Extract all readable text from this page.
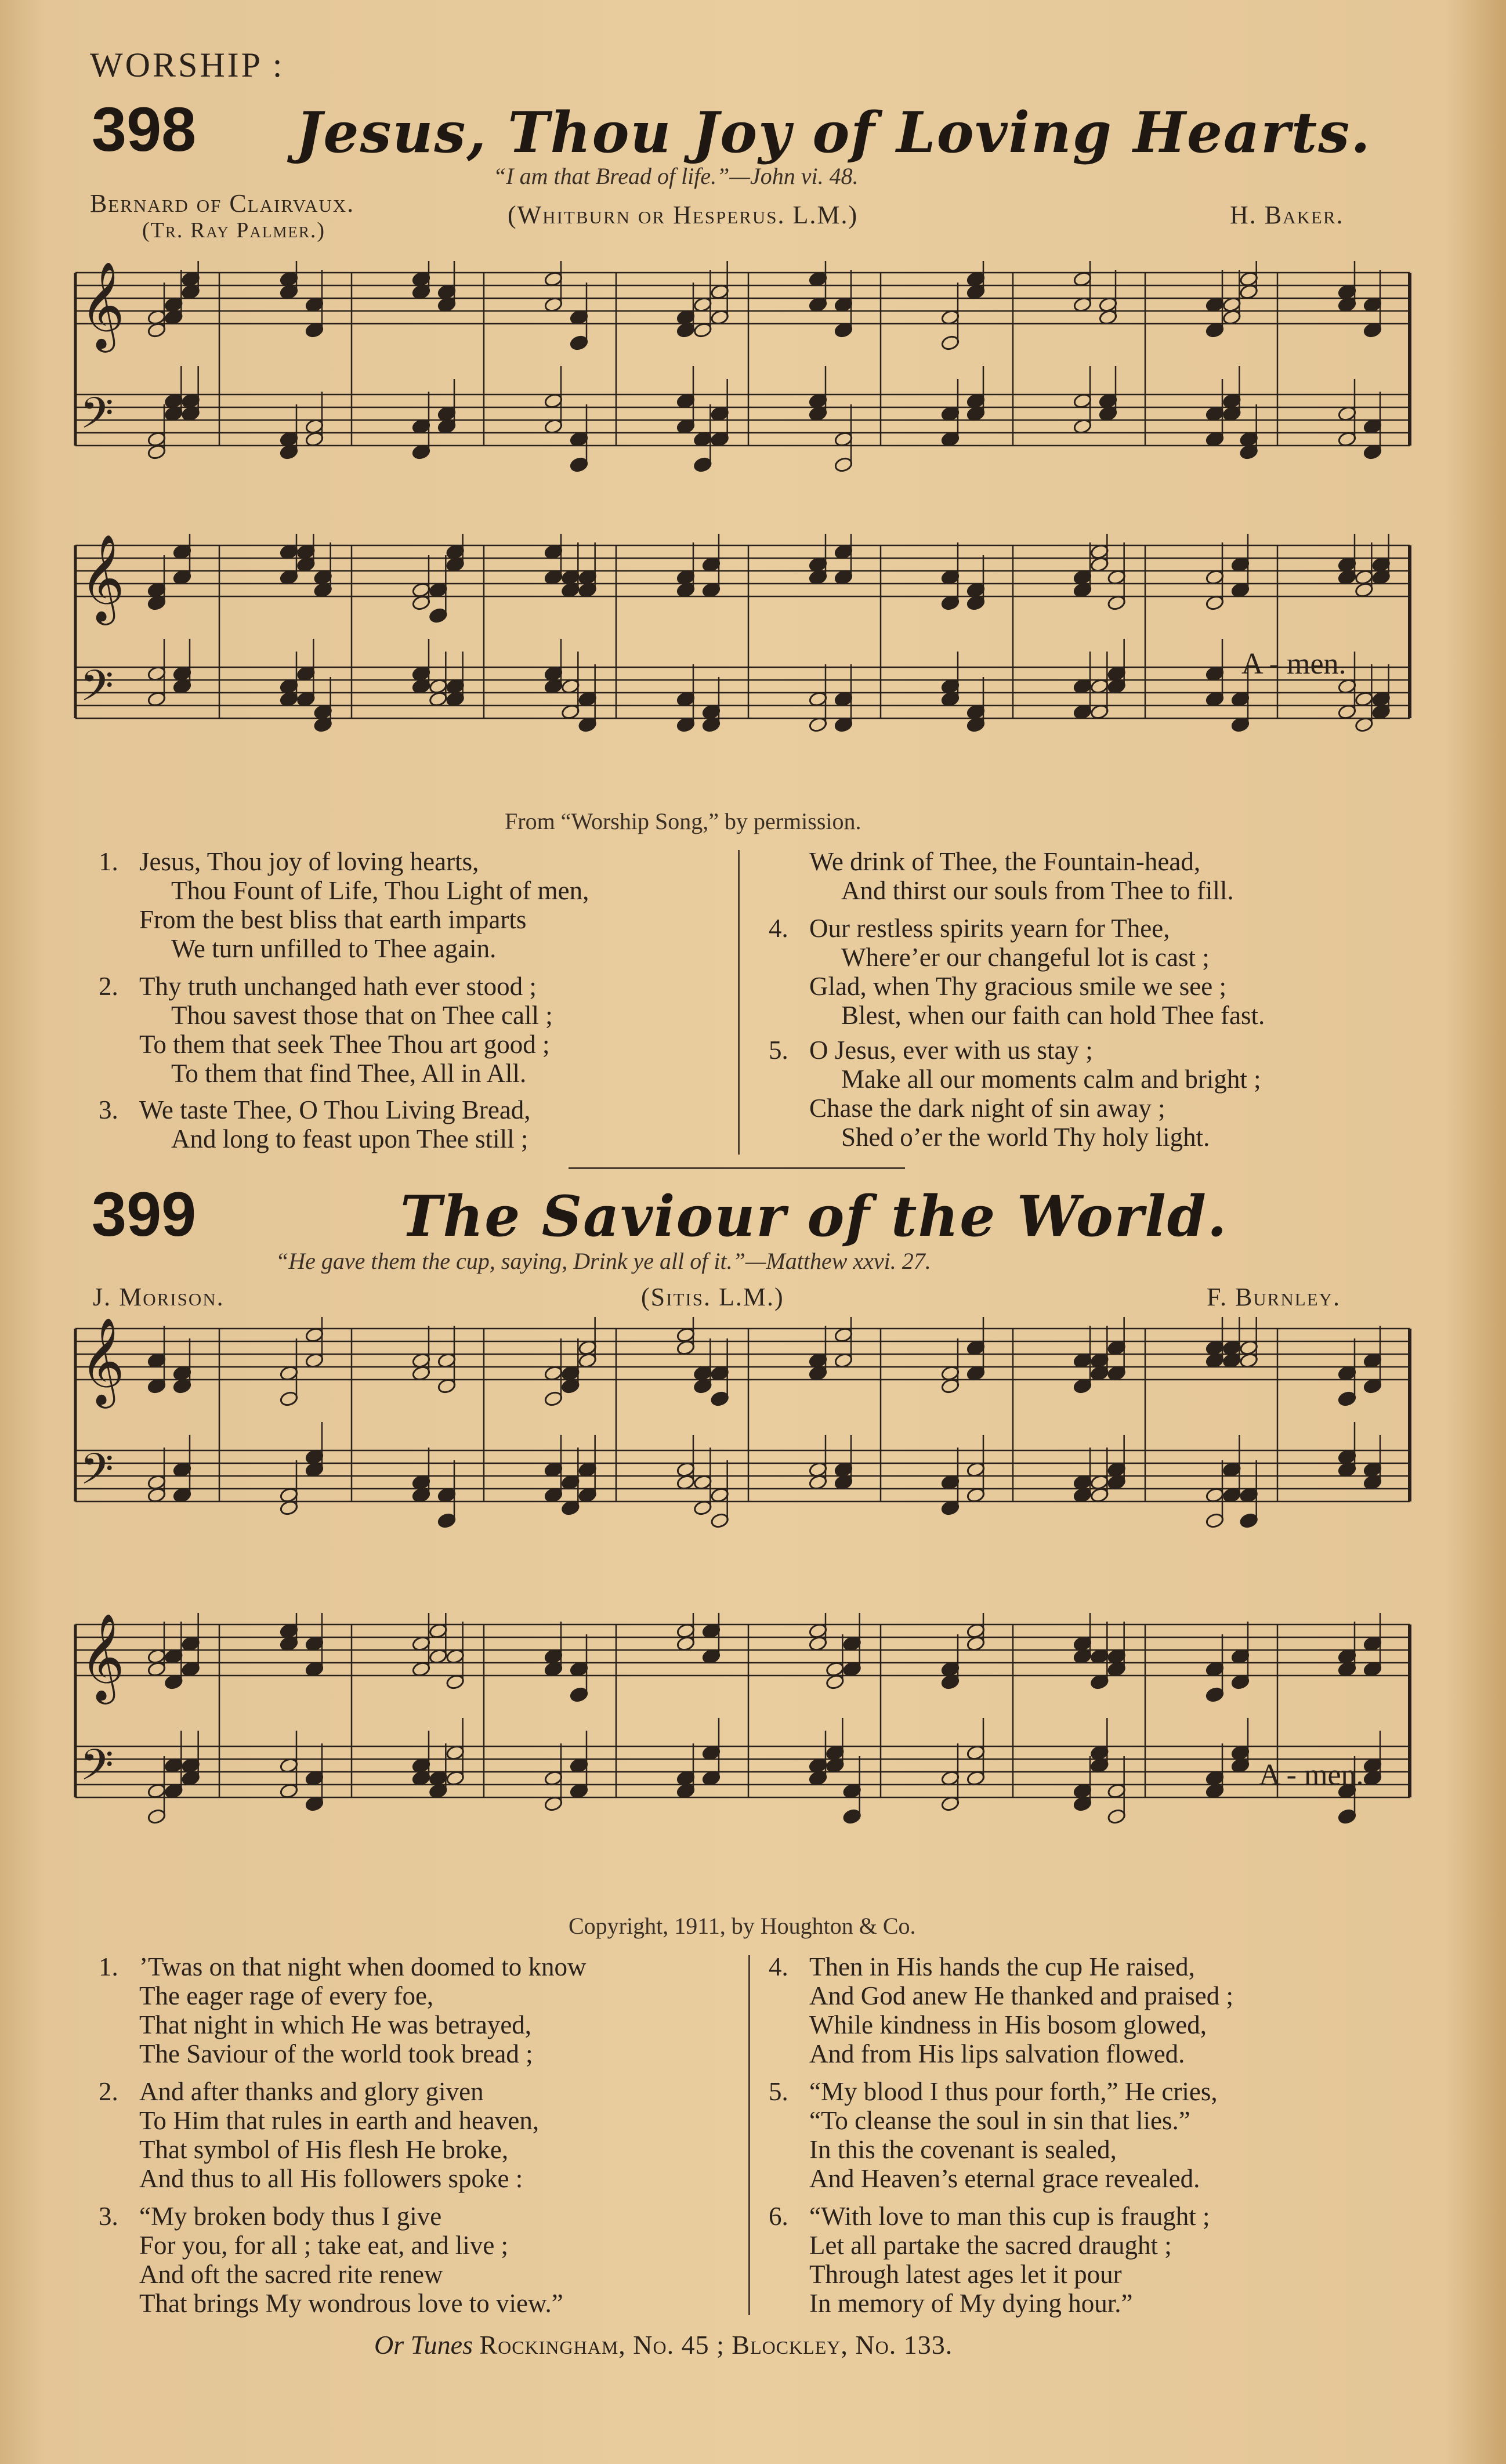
WORSHIP :
398 Jesus, Thou Joy of Loving Hearts.
“I am that Bread of life.”—John vi. 48.
Bernard of Clairvaux.
(Tr. Ray Palmer.)
(Whitburn or Hesperus. L.M.)	H. Baker.
𝄞
𝄢
𝄞
𝄢	A - men.
From “Worship Song,” by permission.
1. Jesus, Thou joy of loving hearts,
Thou Fount of Life, Thou Light of men,
From the best bliss that earth imparts
We turn unfilled to Thee again.
2. Thy truth unchanged hath ever stood ;
Thou savest those that on Thee call ;
To them that seek Thee Thou art good ;
To them that find Thee, All in All.
3. We taste Thee, O Thou Living Bread,
And long to feast upon Thee still ;
We drink of Thee, the Fountain-head,
And thirst our souls from Thee to fill.
4. Our restless spirits yearn for Thee,
Where’er our changeful lot is cast ;
Glad, when Thy gracious smile we see ;
Blest, when our faith can hold Thee fast.
5. O Jesus, ever with us stay ;
Make all our moments calm and bright ;
Chase the dark night of sin away ;
Shed o’er the world Thy holy light.
399	The Saviour of the World.
“He gave them the cup, saying, Drink ye all of it.”—Matthew xxvi. 27.
J. Morison.	(Sitis. L.M.)	F. Burnley.
𝄞
𝄢
𝄞
𝄢	A - men.
Copyright, 1911, by Houghton & Co.
1. ’Twas on that night when doomed to know
The eager rage of every foe,
That night in which He was betrayed,
The Saviour of the world took bread ;
2. And after thanks and glory given
To Him that rules in earth and heaven,
That symbol of His flesh He broke,
And thus to all His followers spoke :
3. “My broken body thus I give
For you, for all ; take eat, and live ;
And oft the sacred rite renew
That brings My wondrous love to view.”
4. Then in His hands the cup He raised,
And God anew He thanked and praised ;
While kindness in His bosom glowed,
And from His lips salvation flowed.
5. “My blood I thus pour forth,” He cries,
“To cleanse the soul in sin that lies.”
In this the covenant is sealed,
And Heaven’s eternal grace revealed.
6. “With love to man this cup is fraught ;
Let all partake the sacred draught ;
Through latest ages let it pour
In memory of My dying hour.”
Or Tunes Rockingham, No. 45 ; Blockley, No. 133.
